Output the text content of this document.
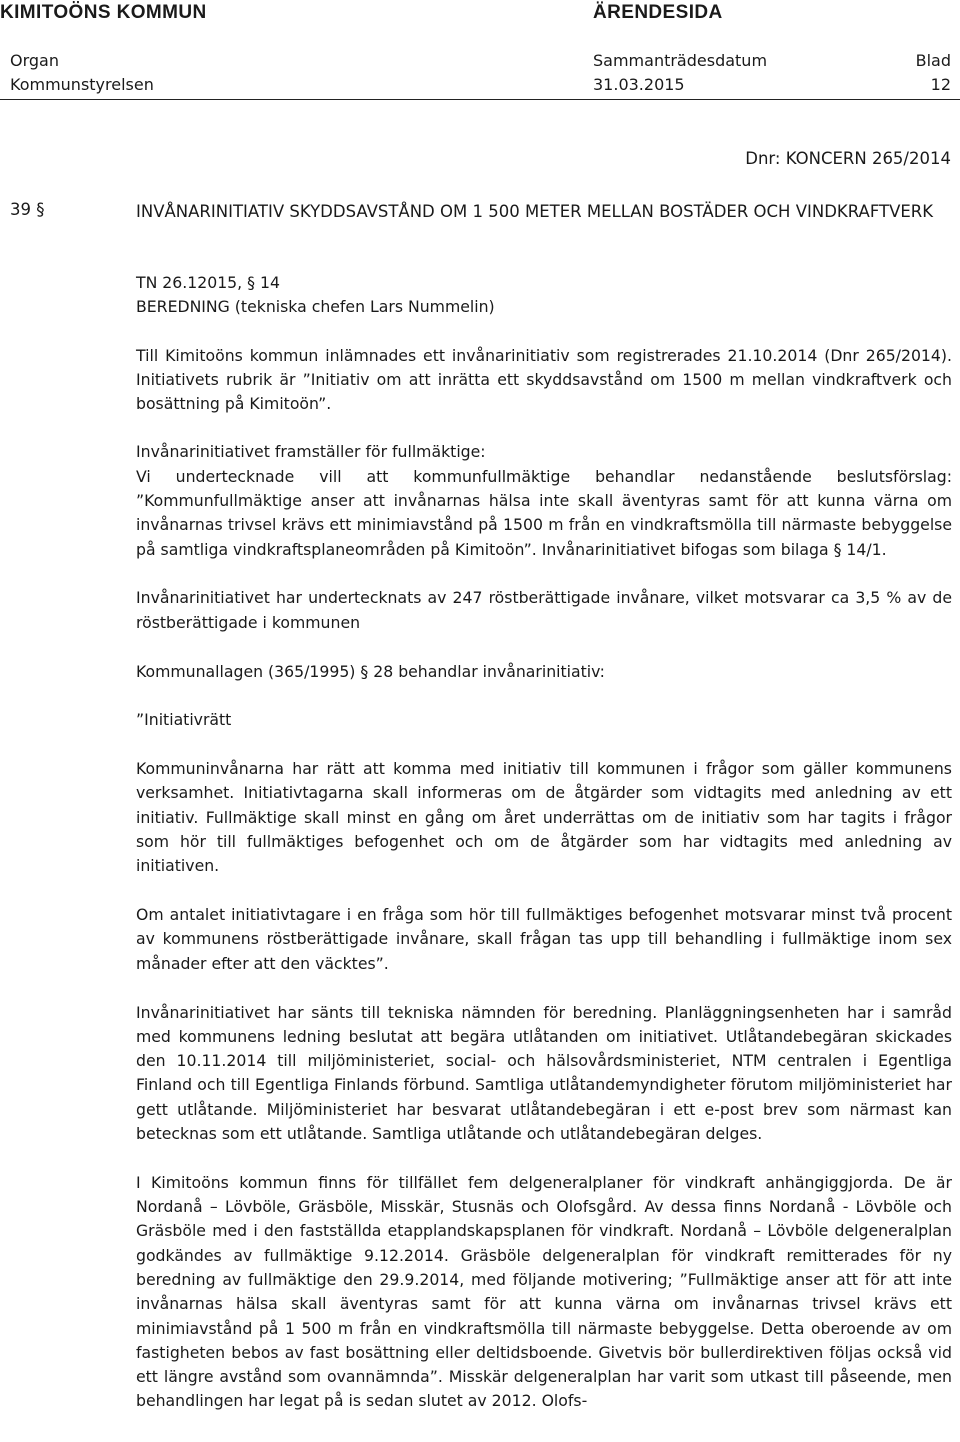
KIMITOÖNS KOMMUN	ÄRENDESIDA
Organ	Sammanträdesdatum	Blad
Kommunstyrelsen	31.03.2015	12
Dnr: KONCERN 265/2014
39 §	INVÅNARINITIATIV SKYDDSAVSTÅND OM 1 500 METER MELLAN BOSTÄDER OCH VINDKRAFTVERK

TN 26.12015, § 14

BEREDNING (tekniska chefen Lars Nummelin)

Till Kimitoöns kommun inlämnades ett invånarinitiativ som registrerades 21.10.2014 (Dnr 265/2014). Initiativets rubrik är ”Initiativ om att inrätta ett skyddsavstånd om 1500 m mellan vindkraftverk och bosättning på Kimitoön”.

Invånarinitiativet framställer för fullmäktige:

Vi undertecknade vill att kommunfullmäktige behandlar nedanstående beslutsförslag: ”Kommunfullmäktige anser att invånarnas hälsa inte skall äventyras samt för att kunna värna om invånarnas trivsel krävs ett minimiavstånd på 1500 m från en vindkraftsmölla till närmaste bebyggelse på samtliga vindkraftsplaneområden på Kimitoön”. Invånarinitiativet bifogas som bilaga § 14/1.

Invånarinitiativet har undertecknats av 247 röstberättigade invånare, vilket motsvarar ca 3,5 % av de röstberättigade i kommunen

Kommunallagen (365/1995) § 28 behandlar invånarinitiativ:

”Initiativrätt

Kommuninvånarna har rätt att komma med initiativ till kommunen i frågor som gäller kommunens verksamhet. Initiativtagarna skall informeras om de åtgärder som vidtagits med anledning av ett initiativ. Fullmäktige skall minst en gång om året underrättas om de initiativ som har tagits i frågor som hör till fullmäktiges befogenhet och om de åtgärder som har vidtagits med anledning av initiativen.

Om antalet initiativtagare i en fråga som hör till fullmäktiges befogenhet motsvarar minst två procent av kommunens röstberättigade invånare, skall frågan tas upp till behandling i fullmäktige inom sex månader efter att den väcktes”.

Invånarinitiativet har sänts till tekniska nämnden för beredning. Planläggningsenheten har i samråd med kommunens ledning beslutat att begära utlåtanden om initiativet. Utlåtandebegäran skickades den 10.11.2014 till miljöministeriet, social- och hälsovårdsministeriet, NTM centralen i Egentliga Finland och till Egentliga Finlands förbund. Samtliga utlåtandemyndigheter förutom miljöministeriet har gett utlåtande. Miljöministeriet har besvarat utlåtandebegäran i ett e-post brev som närmast kan betecknas som ett utlåtande. Samtliga utlåtande och utlåtandebegäran delges.

I Kimitoöns kommun finns för tillfället fem delgeneralplaner för vindkraft anhängiggjorda. De är Nordanå – Lövböle, Gräsböle, Misskär, Stusnäs och Olofsgård. Av dessa finns Nordanå - Lövböle och Gräsböle med i den fastställda etapplandskapsplanen för vindkraft. Nordanå – Lövböle delgeneralplan godkändes av fullmäktige 9.12.2014. Gräsböle delgeneralplan för vindkraft remitterades för ny beredning av fullmäktige den 29.9.2014, med följande motivering; ”Fullmäktige anser att för att inte invånarnas hälsa skall äventyras samt för att kunna värna om invånarnas trivsel krävs ett minimiavstånd på 1 500 m från en vindkraftsmölla till närmaste bebyggelse. Detta oberoende av om fastigheten bebos av fast bosättning eller deltidsboende. Givetvis bör bullerdirektiven följas också vid ett längre avstånd som ovannämnda”. Misskär delgeneralplan har varit som utkast till påseende, men behandlingen har legat på is sedan slutet av 2012. Olofs-
